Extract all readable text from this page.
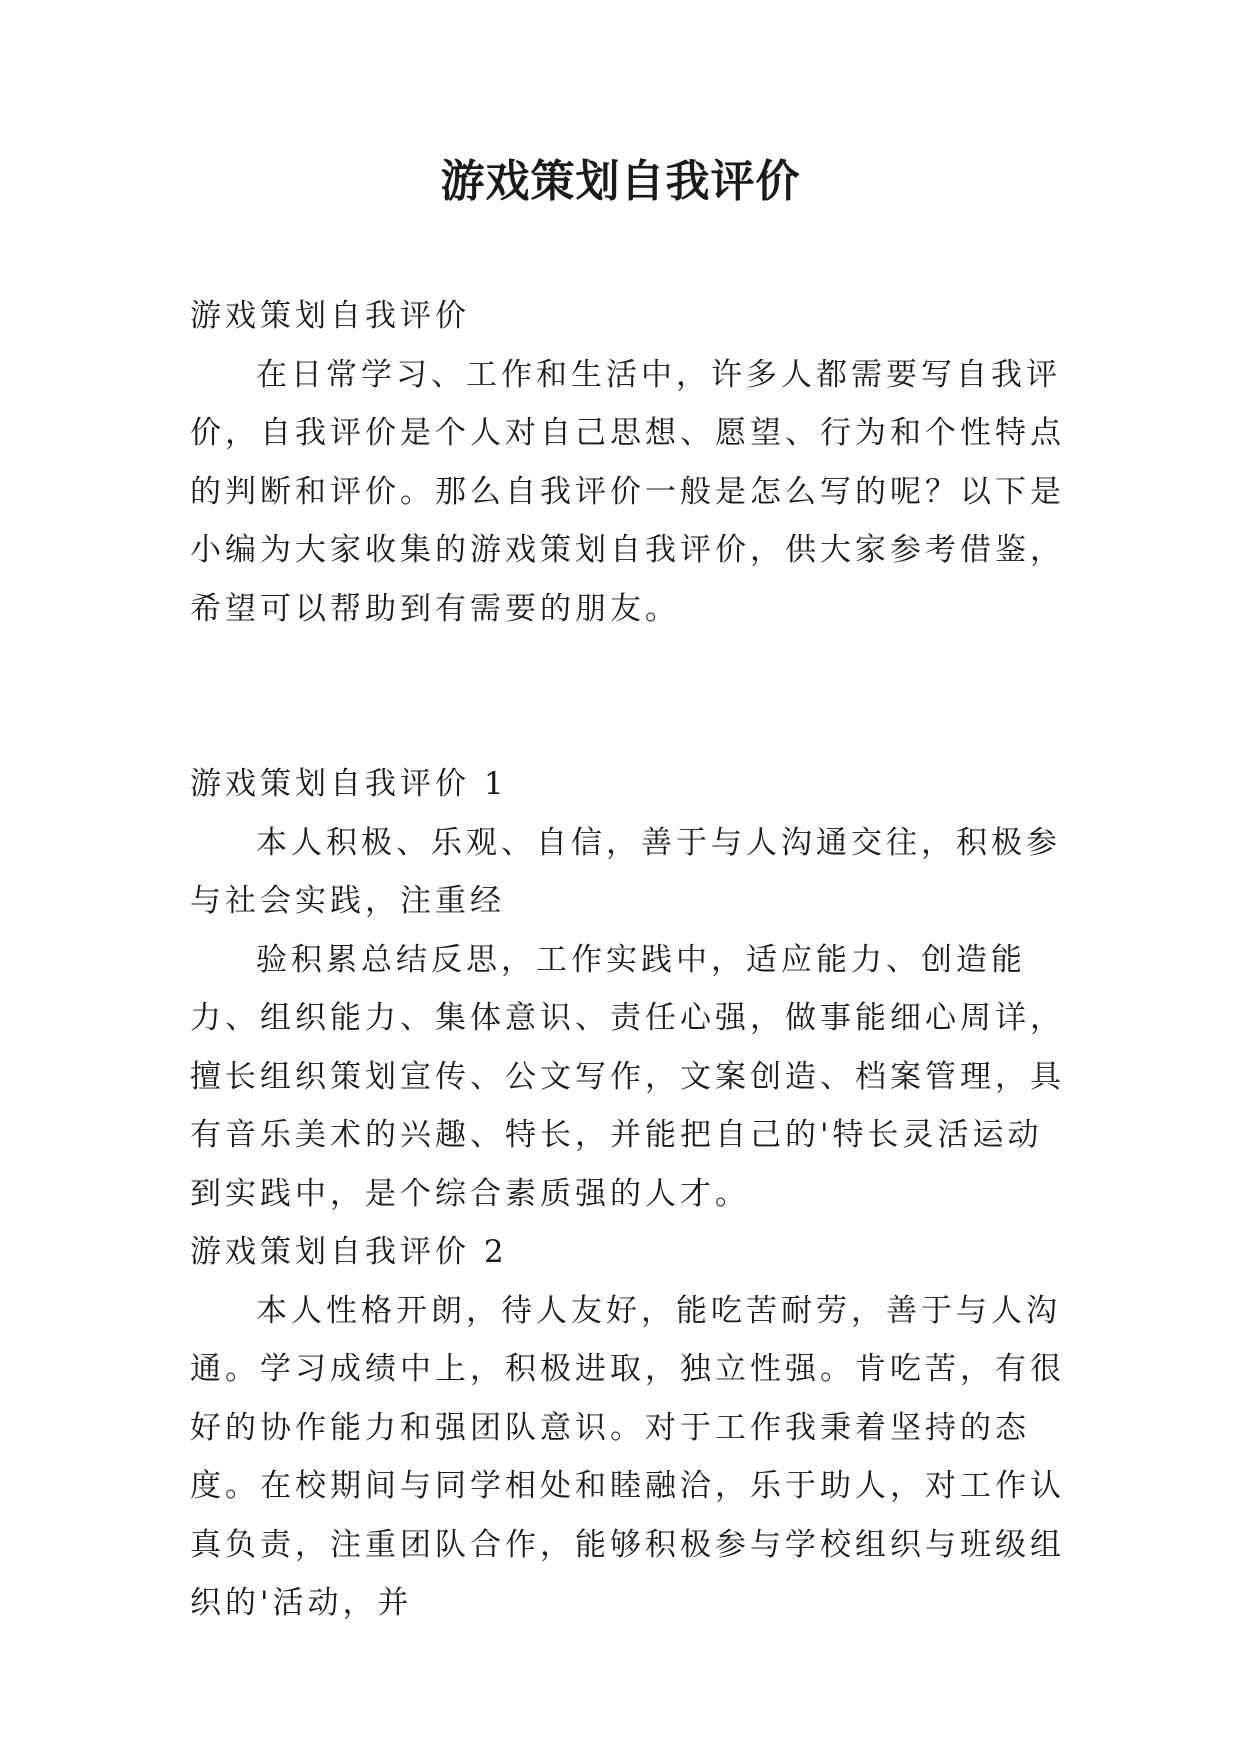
游戏策划自我评价

游戏策划自我评价

在日常学习、工作和生活中，许多人都需要写自我评价，自我评价是个人对自己思想、愿望、行为和个性特点的判断和评价。那么自我评价一般是怎么写的呢？以下是小编为大家收集的游戏策划自我评价，供大家参考借鉴，希望可以帮助到有需要的朋友。

游戏策划自我评价 1

本人积极、乐观、自信，善于与人沟通交往，积极参与社会实践，注重经

验积累总结反思，工作实践中，适应能力、创造能力、组织能力、集体意识、责任心强，做事能细心周详，擅长组织策划宣传、公文写作，文案创造、档案管理，具有音乐美术的兴趣、特长，并能把自己的'特长灵活运动到实践中，是个综合素质强的人才。

游戏策划自我评价 2

本人性格开朗，待人友好，能吃苦耐劳，善于与人沟通。学习成绩中上，积极进取，独立性强。肯吃苦，有很好的协作能力和强团队意识。对于工作我秉着坚持的态度。在校期间与同学相处和睦融洽，乐于助人，对工作认真负责，注重团队合作，能够积极参与学校组织与班级组织的'活动，并
